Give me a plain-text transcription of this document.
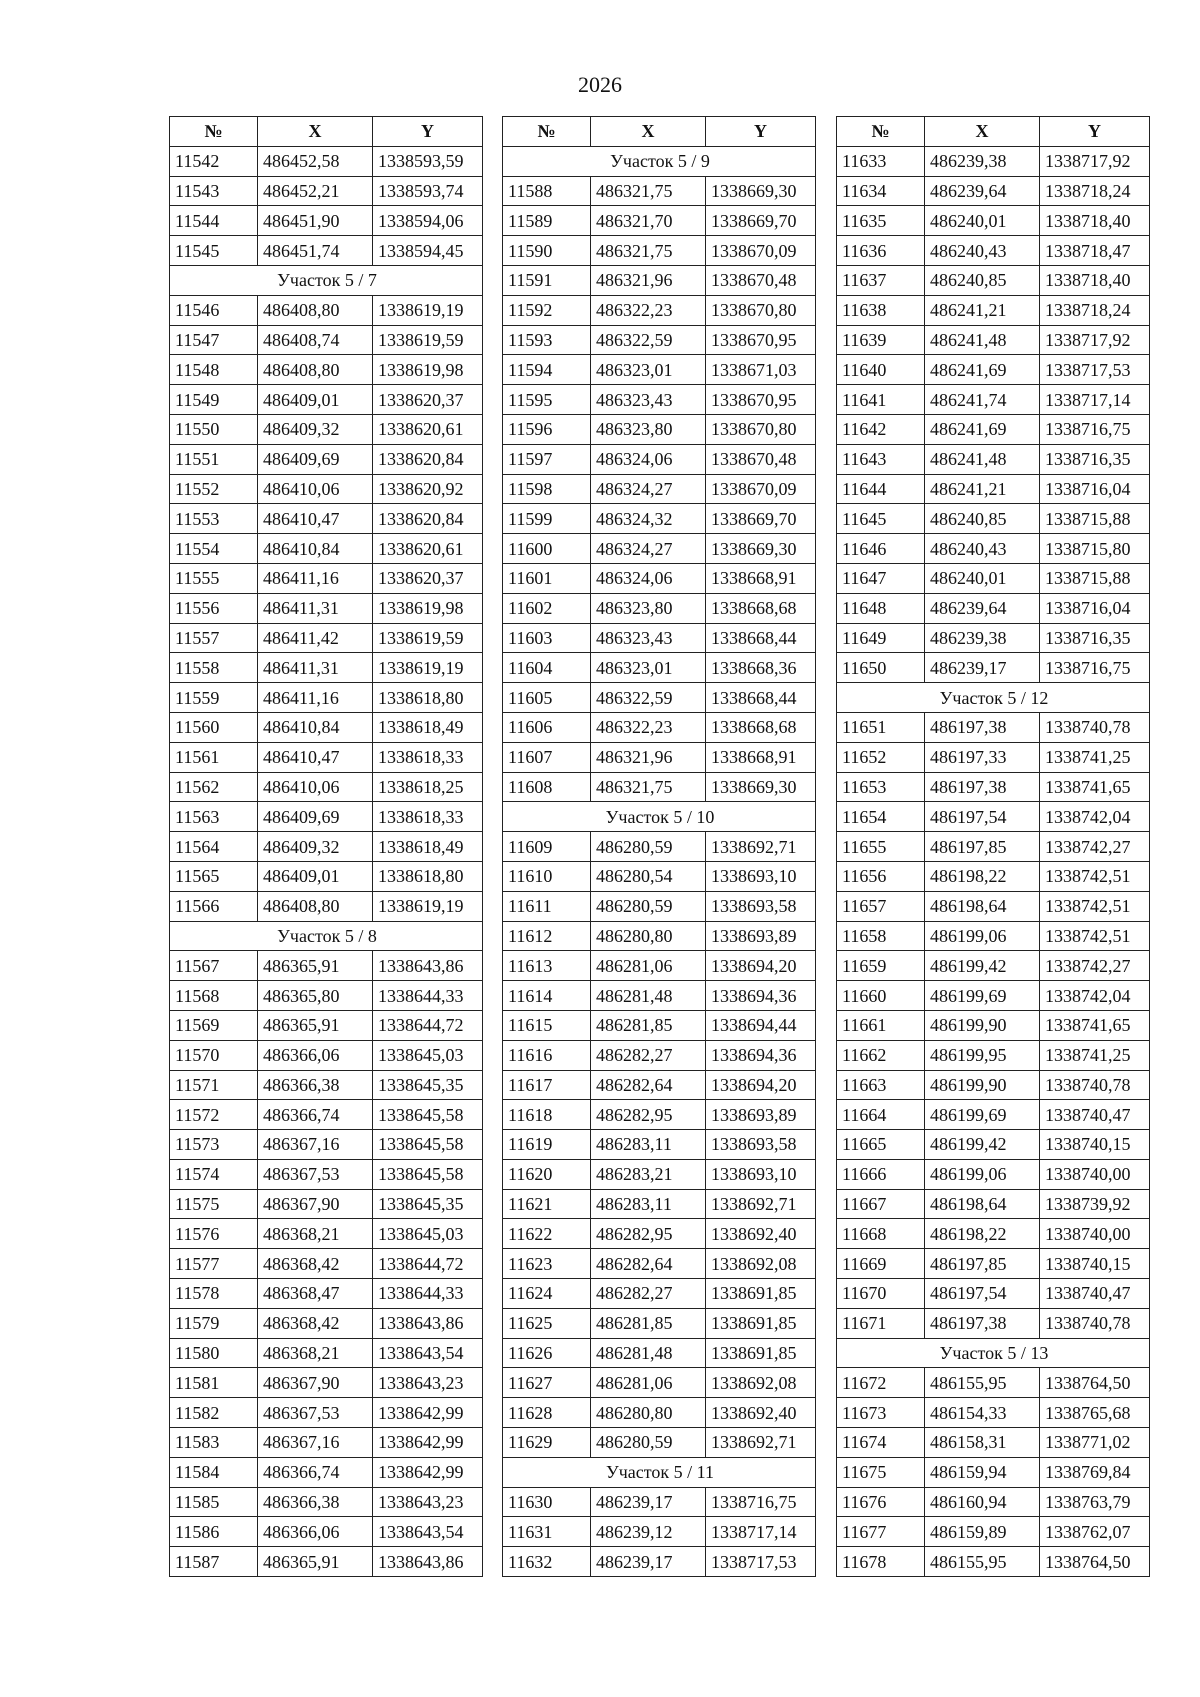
2026
№	X	Y
11542	486452,58	1338593,59
11543	486452,21	1338593,74
11544	486451,90	1338594,06
11545	486451,74	1338594,45
Участок 5 / 7		
11546	486408,80	1338619,19
11547	486408,74	1338619,59
11548	486408,80	1338619,98
11549	486409,01	1338620,37
11550	486409,32	1338620,61
11551	486409,69	1338620,84
11552	486410,06	1338620,92
11553	486410,47	1338620,84
11554	486410,84	1338620,61
11555	486411,16	1338620,37
11556	486411,31	1338619,98
11557	486411,42	1338619,59
11558	486411,31	1338619,19
11559	486411,16	1338618,80
11560	486410,84	1338618,49
11561	486410,47	1338618,33
11562	486410,06	1338618,25
11563	486409,69	1338618,33
11564	486409,32	1338618,49
11565	486409,01	1338618,80
11566	486408,80	1338619,19
Участок 5 / 8		
11567	486365,91	1338643,86
11568	486365,80	1338644,33
11569	486365,91	1338644,72
11570	486366,06	1338645,03
11571	486366,38	1338645,35
11572	486366,74	1338645,58
11573	486367,16	1338645,58
11574	486367,53	1338645,58
11575	486367,90	1338645,35
11576	486368,21	1338645,03
11577	486368,42	1338644,72
11578	486368,47	1338644,33
11579	486368,42	1338643,86
11580	486368,21	1338643,54
11581	486367,90	1338643,23
11582	486367,53	1338642,99
11583	486367,16	1338642,99
11584	486366,74	1338642,99
11585	486366,38	1338643,23
11586	486366,06	1338643,54
11587	486365,91	1338643,86
№	X	Y
Участок 5 / 9		
11588	486321,75	1338669,30
11589	486321,70	1338669,70
11590	486321,75	1338670,09
11591	486321,96	1338670,48
11592	486322,23	1338670,80
11593	486322,59	1338670,95
11594	486323,01	1338671,03
11595	486323,43	1338670,95
11596	486323,80	1338670,80
11597	486324,06	1338670,48
11598	486324,27	1338670,09
11599	486324,32	1338669,70
11600	486324,27	1338669,30
11601	486324,06	1338668,91
11602	486323,80	1338668,68
11603	486323,43	1338668,44
11604	486323,01	1338668,36
11605	486322,59	1338668,44
11606	486322,23	1338668,68
11607	486321,96	1338668,91
11608	486321,75	1338669,30
Участок 5 / 10		
11609	486280,59	1338692,71
11610	486280,54	1338693,10
11611	486280,59	1338693,58
11612	486280,80	1338693,89
11613	486281,06	1338694,20
11614	486281,48	1338694,36
11615	486281,85	1338694,44
11616	486282,27	1338694,36
11617	486282,64	1338694,20
11618	486282,95	1338693,89
11619	486283,11	1338693,58
11620	486283,21	1338693,10
11621	486283,11	1338692,71
11622	486282,95	1338692,40
11623	486282,64	1338692,08
11624	486282,27	1338691,85
11625	486281,85	1338691,85
11626	486281,48	1338691,85
11627	486281,06	1338692,08
11628	486280,80	1338692,40
11629	486280,59	1338692,71
Участок 5 / 11		
11630	486239,17	1338716,75
11631	486239,12	1338717,14
11632	486239,17	1338717,53
№	X	Y
11633	486239,38	1338717,92
11634	486239,64	1338718,24
11635	486240,01	1338718,40
11636	486240,43	1338718,47
11637	486240,85	1338718,40
11638	486241,21	1338718,24
11639	486241,48	1338717,92
11640	486241,69	1338717,53
11641	486241,74	1338717,14
11642	486241,69	1338716,75
11643	486241,48	1338716,35
11644	486241,21	1338716,04
11645	486240,85	1338715,88
11646	486240,43	1338715,80
11647	486240,01	1338715,88
11648	486239,64	1338716,04
11649	486239,38	1338716,35
11650	486239,17	1338716,75
Участок 5 / 12		
11651	486197,38	1338740,78
11652	486197,33	1338741,25
11653	486197,38	1338741,65
11654	486197,54	1338742,04
11655	486197,85	1338742,27
11656	486198,22	1338742,51
11657	486198,64	1338742,51
11658	486199,06	1338742,51
11659	486199,42	1338742,27
11660	486199,69	1338742,04
11661	486199,90	1338741,65
11662	486199,95	1338741,25
11663	486199,90	1338740,78
11664	486199,69	1338740,47
11665	486199,42	1338740,15
11666	486199,06	1338740,00
11667	486198,64	1338739,92
11668	486198,22	1338740,00
11669	486197,85	1338740,15
11670	486197,54	1338740,47
11671	486197,38	1338740,78
Участок 5 / 13		
11672	486155,95	1338764,50
11673	486154,33	1338765,68
11674	486158,31	1338771,02
11675	486159,94	1338769,84
11676	486160,94	1338763,79
11677	486159,89	1338762,07
11678	486155,95	1338764,50
